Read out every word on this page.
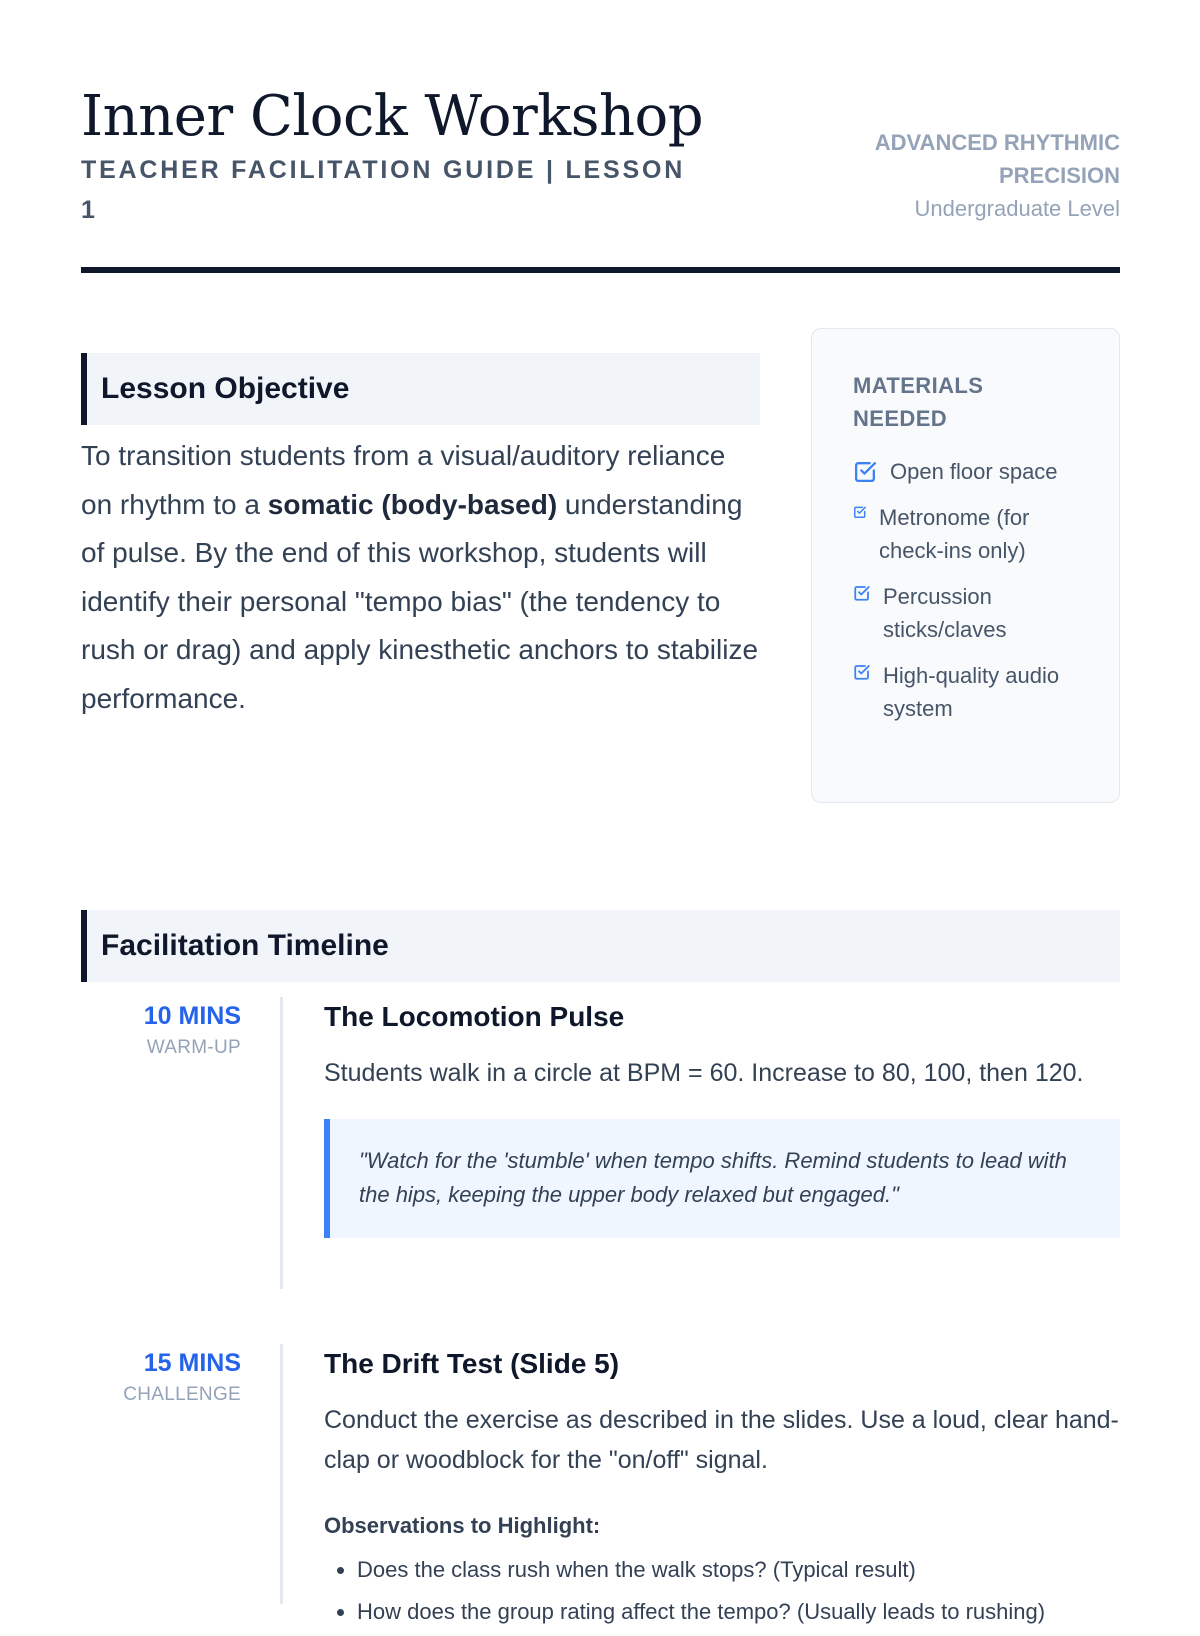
Inner Clock Workshop
TEACHER FACILITATION GUIDE | LESSON 1
ADVANCED RHYTHMIC PRECISION
Undergraduate Level
Lesson Objective

To transition students from a visual/auditory reliance on rhythm to a somatic (body-based) understanding of pulse. By the end of this workshop, students will identify their personal "tempo bias" (the tendency to rush or drag) and apply kinesthetic anchors to stabilize performance.

MATERIALS NEEDED
Open floor space
Metronome (for check-ins only)
Percussion sticks/claves
High-quality audio system
Facilitation Timeline
10 MINS
WARM-UP
The Locomotion Pulse

Students walk in a circle at BPM = 60. Increase to 80, 100, then 120.

"Watch for the 'stumble' when tempo shifts. Remind students to lead with the hips, keeping the upper body relaxed but engaged."
15 MINS
CHALLENGE
The Drift Test (Slide 5)

Conduct the exercise as described in the slides. Use a loud, clear hand-clap or woodblock for the "on/off" signal.

Observations to Highlight:
• Does the class rush when the walk stops? (Typical result)
• How does the group rating affect the tempo? (Usually leads to rushing)
